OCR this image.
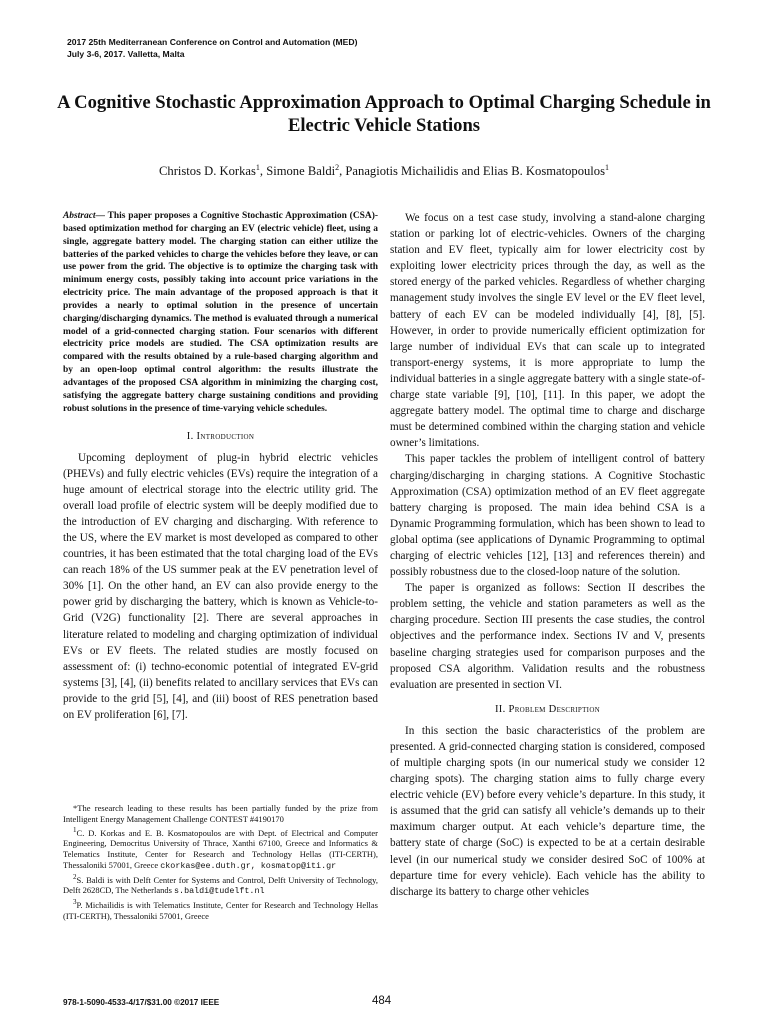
2017 25th Mediterranean Conference on Control and Automation (MED)
July 3-6, 2017. Valletta, Malta
A Cognitive Stochastic Approximation Approach to Optimal Charging Schedule in Electric Vehicle Stations
Christos D. Korkas$^1$, Simone Baldi$^2$, Panagiotis Michailidis and Elias B. Kosmatopoulos$^1$

Abstract— This paper proposes a Cognitive Stochastic Approximation (CSA)-based optimization method for charging an EV (electric vehicle) fleet, using a single, aggregate battery model. The charging station can either utilize the batteries of the parked vehicles to charge the vehicles before they leave, or can use power from the grid. The objective is to optimize the charging task with minimum energy costs, possibly taking into account price variations in the electricity price. The main advantage of the proposed approach is that it provides a nearly to optimal solution in the presence of uncertain charging/discharging dynamics. The method is evaluated through a numerical model of a grid-connected charging station. Four scenarios with different electricity price models are studied. The CSA optimization results are compared with the results obtained by a rule-based charging algorithm and by an open-loop optimal control algorithm: the results illustrate the advantages of the proposed CSA algorithm in minimizing the charging cost, satisfying the aggregate battery charge sustaining conditions and providing robust solutions in the presence of time-varying vehicle schedules.

I. Introduction

Upcoming deployment of plug-in hybrid electric vehicles (PHEVs) and fully electric vehicles (EVs) require the integration of a huge amount of electrical storage into the electric utility grid. The overall load profile of electric system will be deeply modified due to the introduction of EV charging and discharging. With reference to the US, where the EV market is most developed as compared to other countries, it has been estimated that the total charging load of the EVs can reach 18% of the US summer peak at the EV penetration level of 30% [1]. On the other hand, an EV can also provide energy to the power grid by discharging the battery, which is known as Vehicle-to-Grid (V2G) functionality [2]. There are several approaches in literature related to modeling and charging optimization of individual EVs or EV fleets. The related studies are mostly focused on assessment of: (i) techno-economic potential of integrated EV-grid systems [3], [4], (ii) benefits related to ancillary services that EVs can provide to the grid [5], [4], and (iii) boost of RES penetration based on EV proliferation [6], [7].

*The research leading to these results has been partially funded by the prize from Intelligent Energy Management Challenge CONTEST #4190170

$^1$C. D. Korkas and E. B. Kosmatopoulos are with Dept. of Electrical and Computer Engineering, Democritus University of Thrace, Xanthi 67100, Greece and Informatics & Telematics Institute, Center for Research and Technology Hellas (ITI-CERTH), Thessaloniki 57001, Greece ckorkas@ee.duth.gr, kosmatop@iti.gr

$^2$S. Baldi is with Delft Center for Systems and Control, Delft University of Technology, Delft 2628CD, The Netherlands s.baldi@tudelft.nl

$^3$P. Michailidis is with Telematics Institute, Center for Research and Technology Hellas (ITI-CERTH), Thessaloniki 57001, Greece

We focus on a test case study, involving a stand-alone charging station or parking lot of electric-vehicles. Owners of the charging station and EV fleet, typically aim for lower electricity cost by exploiting lower electricity prices through the day, as well as the stored energy of the parked vehicles. Regardless of whether charging management study involves the single EV level or the EV fleet level, battery of each EV can be modeled individually [4], [8], [5]. However, in order to provide numerically efficient optimization for large number of individual EVs that can scale up to integrated transport-energy systems, it is more appropriate to lump the individual batteries in a single aggregate battery with a single state-of-charge state variable [9], [10], [11]. In this paper, we adopt the aggregate battery model. The optimal time to charge and discharge must be determined combined within the charging station and vehicle owner’s limitations.

This paper tackles the problem of intelligent control of battery charging/discharging in charging stations. A Cognitive Stochastic Approximation (CSA) optimization method of an EV fleet aggregate battery charging is proposed. The main idea behind CSA is a Dynamic Programming formulation, which has been shown to lead to global optima (see applications of Dynamic Programming to optimal charging of electric vehicles [12], [13] and references therein) and possibly robustness due to the closed-loop nature of the solution.

The paper is organized as follows: Section II describes the problem setting, the vehicle and station parameters as well as the charging procedure. Section III presents the case studies, the control objectives and the performance index. Sections IV and V, presents baseline charging strategies used for comparison purposes and the proposed CSA algorithm. Validation results and the robustness evaluation are presented in section VI.

II. Problem Description

In this section the basic characteristics of the problem are presented. A grid-connected charging station is considered, composed of multiple charging spots (in our numerical study we consider 12 charging spots). The charging station aims to fully charge every electric vehicle (EV) before every vehicle’s departure. In this study, it is assumed that the grid can satisfy all vehicle’s demands up to their maximum charger output. At each vehicle’s departure time, the battery state of charge (SoC) is expected to be at a certain desirable level (in our numerical study we consider desired SoC of 100% at departure time for every vehicle). Each vehicle has the ability to discharge its battery to charge other vehicles

978-1-5090-4533-4/17/$31.00 ©2017 IEEE	484
